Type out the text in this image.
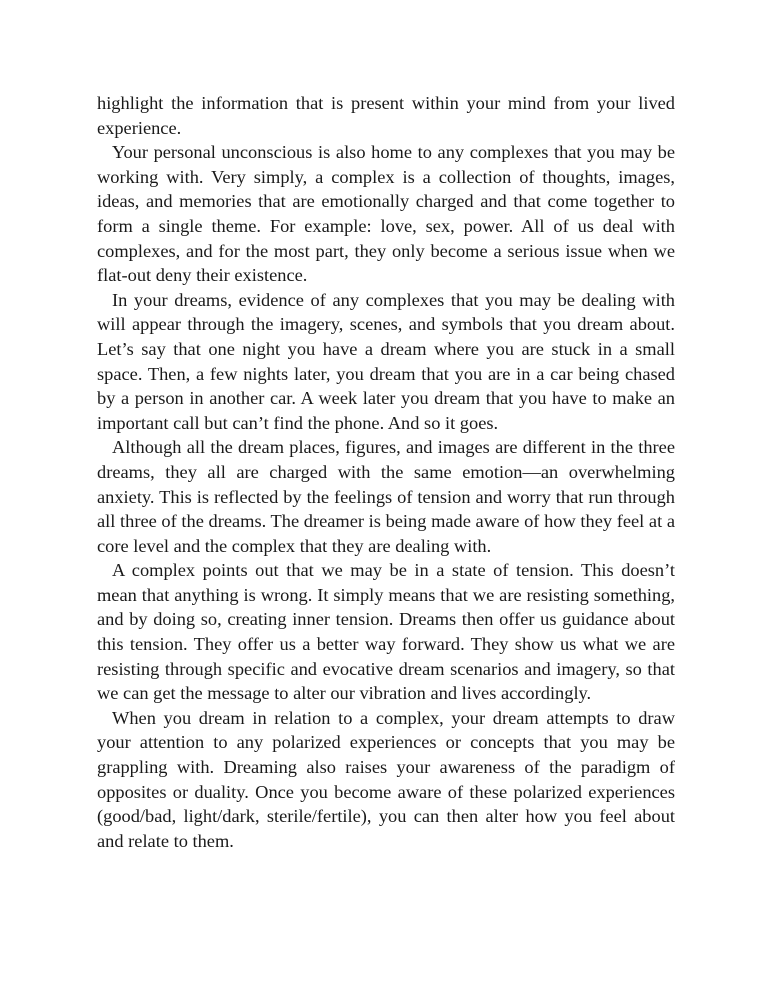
highlight the information that is present within your mind from your lived experience.

Your personal unconscious is also home to any complexes that you may be working with. Very simply, a complex is a collection of thoughts, images, ideas, and memories that are emotionally charged and that come together to form a single theme. For example: love, sex, power. All of us deal with complexes, and for the most part, they only become a serious issue when we flat-out deny their existence.

In your dreams, evidence of any complexes that you may be dealing with will appear through the imagery, scenes, and symbols that you dream about. Let’s say that one night you have a dream where you are stuck in a small space. Then, a few nights later, you dream that you are in a car being chased by a person in another car. A week later you dream that you have to make an important call but can’t find the phone. And so it goes.

Although all the dream places, figures, and images are different in the three dreams, they all are charged with the same emotion—an overwhelming anxiety. This is reflected by the feelings of tension and worry that run through all three of the dreams. The dreamer is being made aware of how they feel at a core level and the complex that they are dealing with.

A complex points out that we may be in a state of tension. This doesn’t mean that anything is wrong. It simply means that we are resisting something, and by doing so, creating inner tension. Dreams then offer us guidance about this tension. They offer us a better way forward. They show us what we are resisting through specific and evocative dream scenarios and imagery, so that we can get the message to alter our vibration and lives accordingly.

When you dream in relation to a complex, your dream attempts to draw your attention to any polarized experiences or concepts that you may be grappling with. Dreaming also raises your awareness of the paradigm of opposites or duality. Once you become aware of these polarized experiences (good/bad, light/dark, sterile/fertile), you can then alter how you feel about and relate to them.
